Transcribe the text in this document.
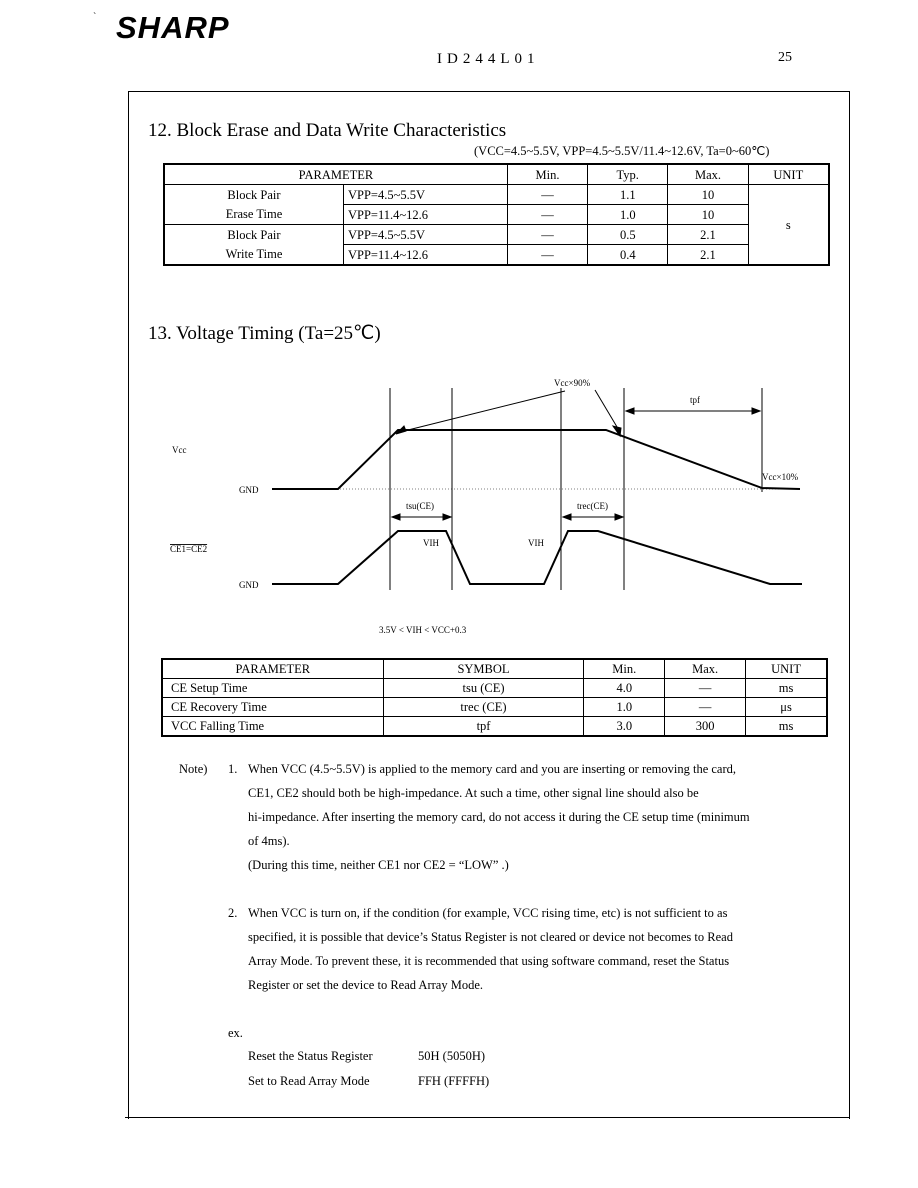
` SHARP
ID244L01	25
12. Block Erase and Data Write Characteristics
(VCC=4.5~5.5V, VPP=4.5~5.5V/11.4~12.6V, Ta=0~60℃)
PARAMETER		Min.	Typ.	Max.	UNIT
Block Pair	VPP=4.5~5.5V	—	1.1	10	s
Erase Time	VPP=11.4~12.6	—	1.0	10	
Block Pair	VPP=4.5~5.5V	—	0.5	2.1	
Write Time	VPP=11.4~12.6	—	0.4	2.1	
13. Voltage Timing (Ta=25℃)
Vcc
GND
CE1=CE2
GND
Vcc×90%
Vcc×10%
tpf
tsu(CE)	trec(CE)
VIH	VIH
3.5V < VIH < VCC+0.3
PARAMETER	SYMBOL	Min.	Max.	UNIT
CE Setup Time	tsu (CE)	4.0	—	ms
CE Recovery Time	trec (CE)	1.0	—	μs
VCC Falling Time	tpf	3.0	300	ms
Note) 1. When VCC (4.5~5.5V) is applied to the memory card and you are inserting or removing the card,
CE1, CE2 should both be high-impedance. At such a time, other signal line should also be
hi-impedance. After inserting the memory card, do not access it during the CE setup time (minimum
of 4ms).
(During this time, neither CE1 nor CE2 = “LOW” .)
2. When VCC is turn on, if the condition (for example, VCC rising time, etc) is not sufficient to as
specified, it is possible that device’s Status Register is not cleared or device not becomes to Read
Array Mode. To prevent these, it is recommended that using software command, reset the Status
Register or set the device to Read Array Mode.
ex.
Reset the Status Register	50H (5050H)
Set to Read Array Mode	FFH (FFFFH)
